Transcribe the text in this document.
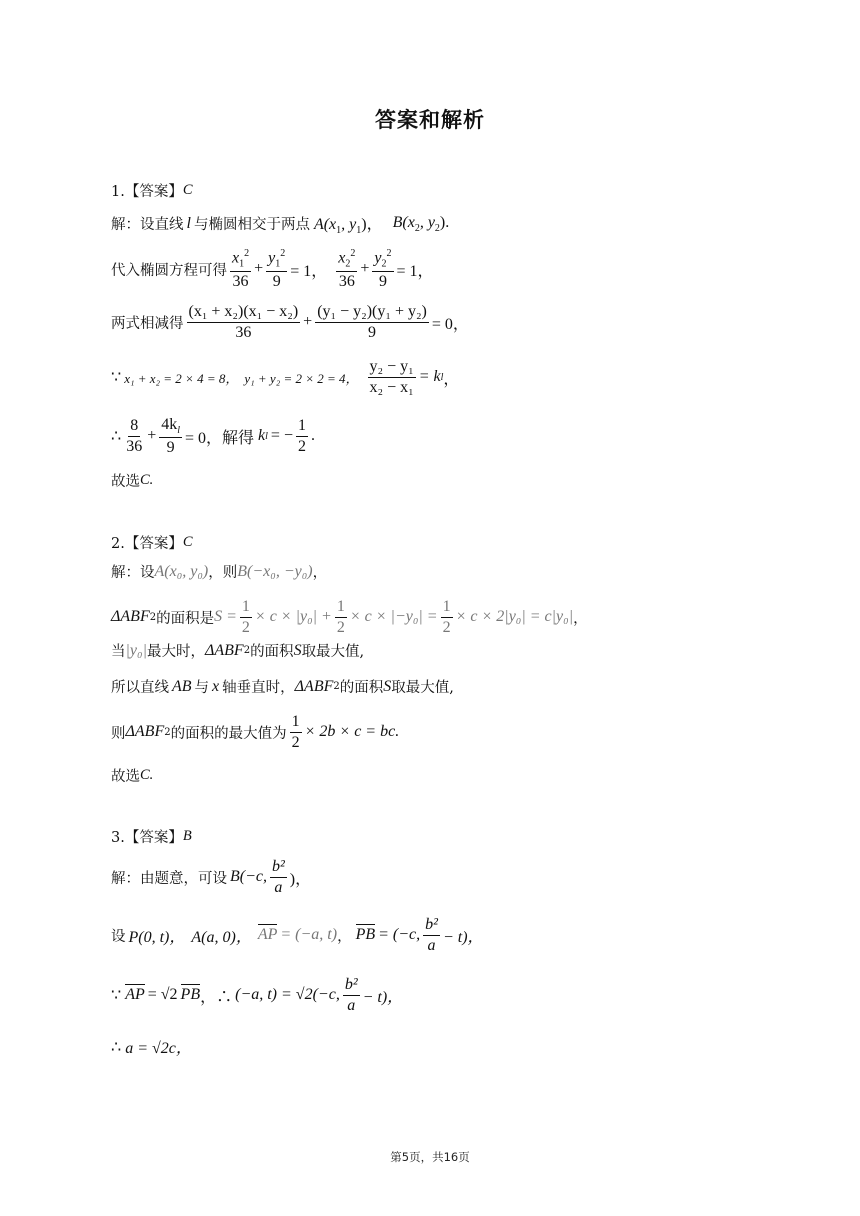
答案和解析
1.【答案】 C
解：设直线 l 与椭圆相交于两点 $A(x_1$, $y_1$)， $B(x_2$, $y_2$).
代入椭圆方程可得 $\frac{x_1^2}{36} + \frac{y_1^2}{9} = 1$， $\frac{x_2^2}{36} + \frac{y_2^2}{9} = 1$，
两式相减得 $\frac{\text{(x₁ + x₂)(x₁ − x₂)}}{36} + \frac{\text{(y₁ − y₂)(y₁ + y₂)}}{9} = 0$，
∵ x₁ + x₂ = 2 × 4 = 8， y₁ + y₂ = 2 × 2 = 4， $\frac{\text{y₂ − y₁}}{\text{x₂ − x₁}} = k$ l ，
∴ $\frac{8}{36} + \frac{4k_l}{9} = 0$，解得 k l = − $\frac{1}{2}$ .
故选 C.
2.【答案】 C
解：设 A(x₀, y₀) ，则 B(−x₀, −y₀) ，
ΔABF 2 的面积是 $S = \frac{1}{2} \times c \times |y_0| + \frac{1}{2} \times c \times |-y_0| = \frac{1}{2} \times c \times 2|y_0| = c|y_0|$ ，
当 |y₀| 最大时， ΔABF 2 的面积 S 取最大值,
所以直线 AB 与 x 轴垂直时， ΔABF 2 的面积 S 取最大值,
则 ΔABF 2 的面积的最大值为 $\frac{1}{2} \times 2b \times c$ = bc.
故选 C.
3.【答案】 B
解：由题意，可设 B(−c, $\frac{\text{b²}}{a}$ )，
设 P(0, t)， A(a, 0)， AP = (−a, t) ， PB = (−c, $\frac{\text{b²}}{a} - t$)，
∵ AP = √2 PB ，∴ (−a, t) = √2(−c, $\frac{\text{b²}}{a} - t$)，
∴ a = √2c，
第5页，共16页
